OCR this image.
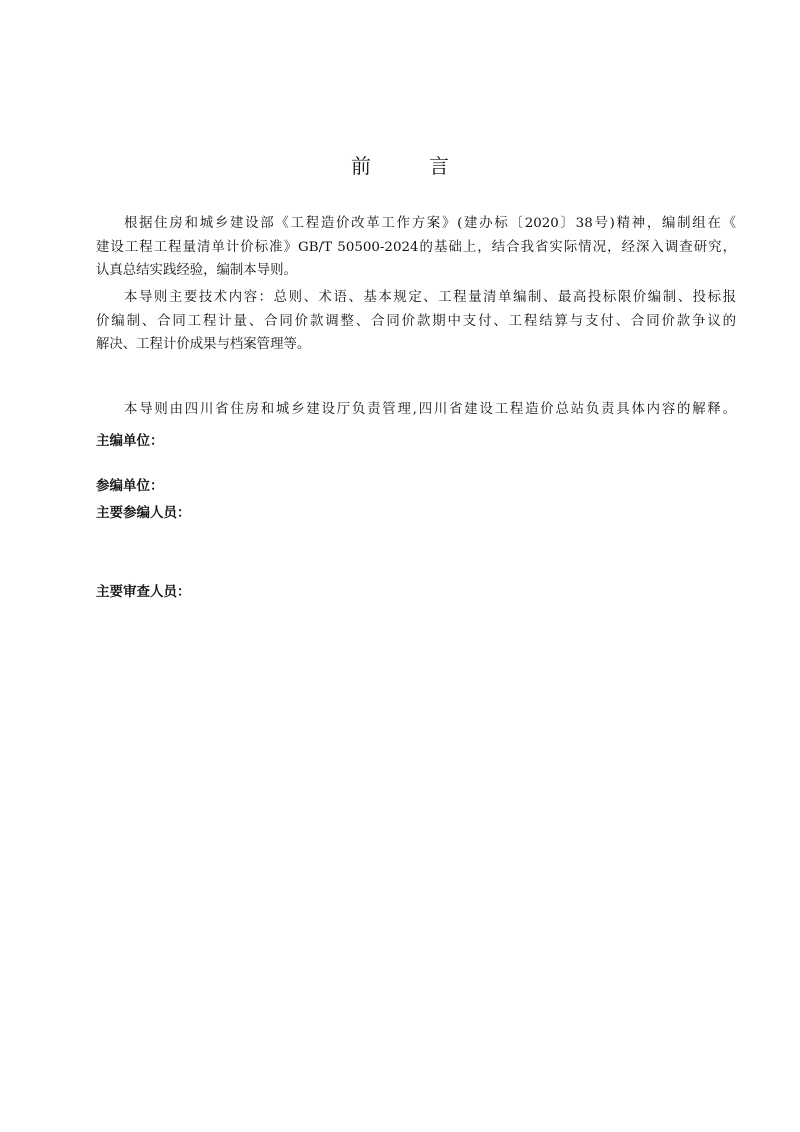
前	言
根据住房和城乡建设部《工程造价改革工作方案》(建办标〔2020〕38号)精神，编制组在《
建设工程工程量清单计价标准》GB/T 50500-2024的基础上，结合我省实际情况，经深入调查研究，
认真总结实践经验，编制本导则。
本导则主要技术内容：总则、术语、基本规定、工程量清单编制、最高投标限价编制、投标报
价编制、合同工程计量、合同价款调整、合同价款期中支付、工程结算与支付、合同价款争议的
解决、工程计价成果与档案管理等。
本导则由四川省住房和城乡建设厅负责管理,四川省建设工程造价总站负责具体内容的解释。
主编单位：
参编单位：
主要参编人员：
主要审查人员：
